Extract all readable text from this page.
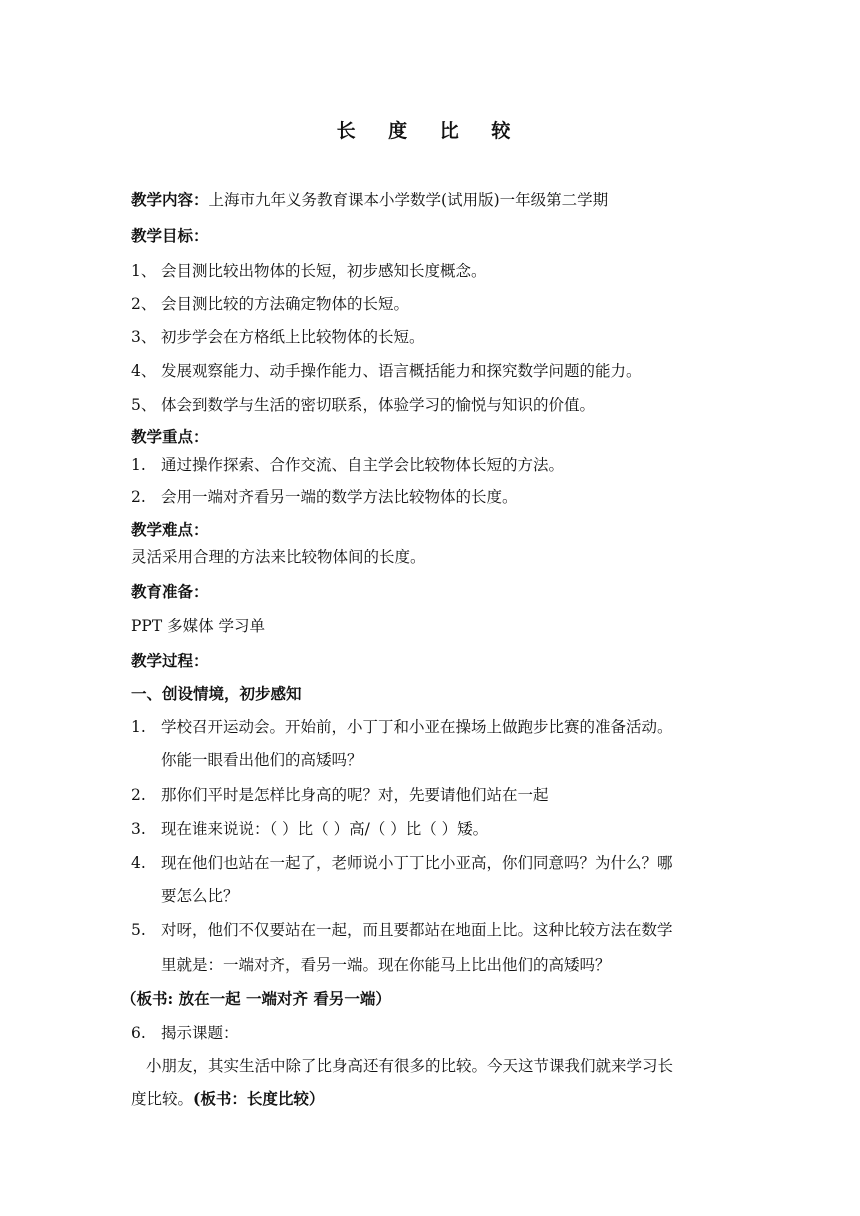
长 度 比 较
教学内容：上海市九年义务教育课本小学数学(试用版)一年级第二学期
教学目标：
1、 会目测比较出物体的长短，初步感知长度概念。
2、 会目测比较的方法确定物体的长短。
3、 初步学会在方格纸上比较物体的长短。
4、 发展观察能力、动手操作能力、语言概括能力和探究数学问题的能力。
5、 体会到数学与生活的密切联系，体验学习的愉悦与知识的价值。
教学重点：
1. 通过操作探索、合作交流、自主学会比较物体长短的方法。
2. 会用一端对齐看另一端的数学方法比较物体的长度。
教学难点：
灵活采用合理的方法来比较物体间的长度。
教育准备：
PPT 多媒体 学习单
教学过程：
一、创设情境，初步感知
1. 学校召开运动会。开始前，小丁丁和小亚在操场上做跑步比赛的准备活动。
你能一眼看出他们的高矮吗？
2. 那你们平时是怎样比身高的呢？对，先要请他们站在一起
3. 现在谁来说说：（ ）比（ ）高/（ ）比（ ）矮。
4. 现在他们也站在一起了，老师说小丁丁比小亚高，你们同意吗？为什么？哪
要怎么比？
5. 对呀，他们不仅要站在一起，而且要都站在地面上比。这种比较方法在数学
里就是：一端对齐，看另一端。现在你能马上比出他们的高矮吗？
（板书: 放在一起 一端对齐 看另一端）
6. 揭示课题：
小朋友，其实生活中除了比身高还有很多的比较。今天这节课我们就来学习长
度比较。(板书：长度比较）
